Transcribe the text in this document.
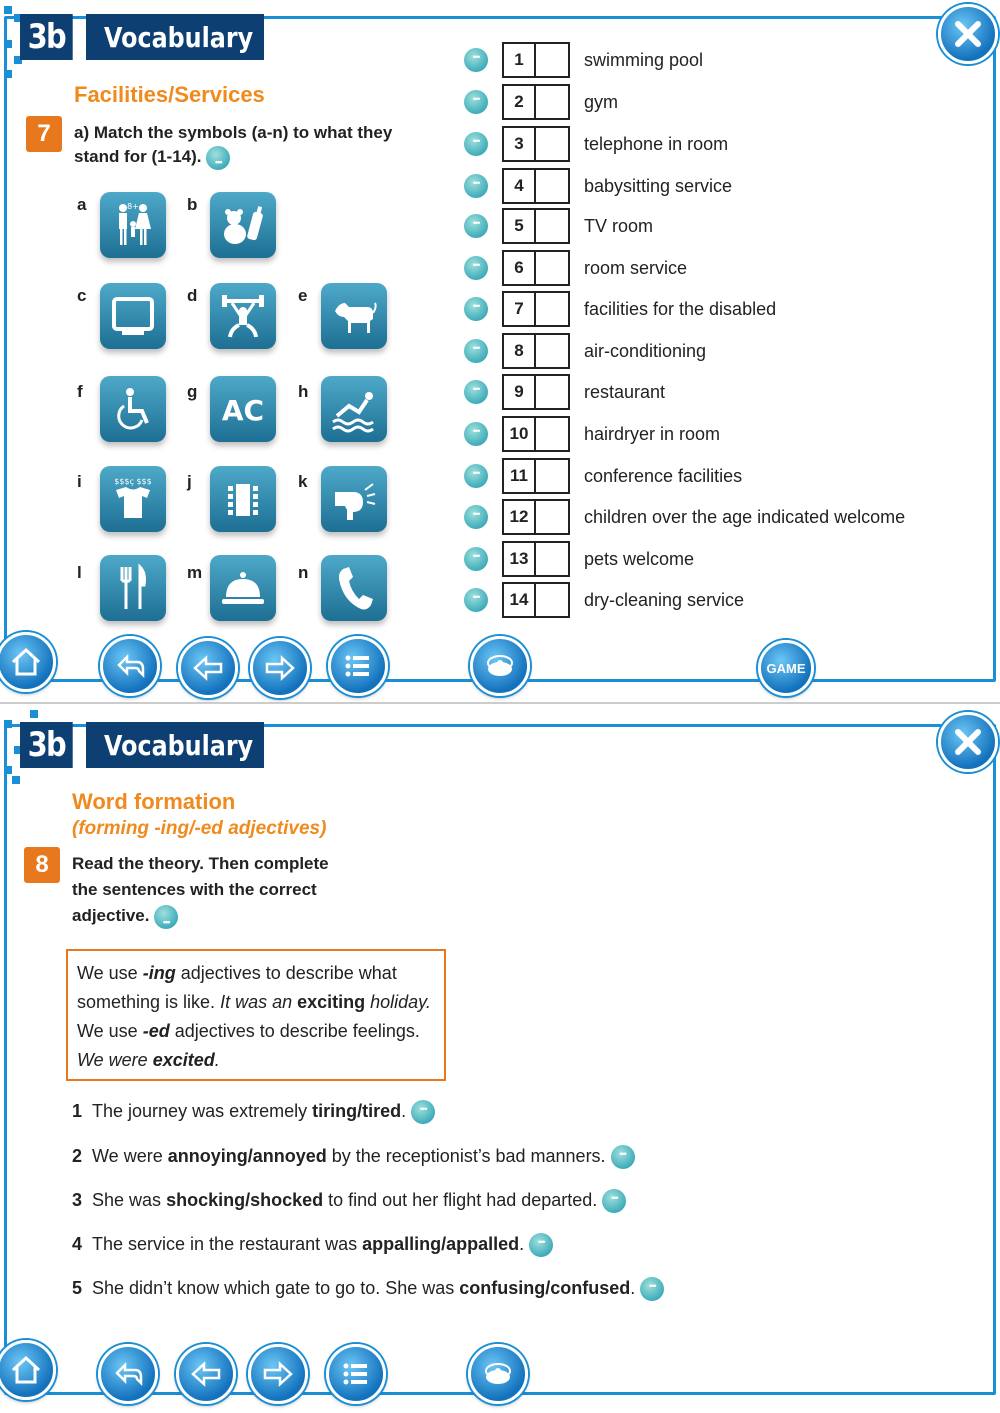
3b Vocabulary
Facilities/Services
7	a) Match the symbols (a-n) to what they
stand for (1-14). •••
a	8+	b
c	d	e
f	g
AC
h
i	$$$ç $$$ j	k
l	m	n
•••
1	swimming pool
•••
2	gym
•••
3	telephone in room
•••
4	babysitting service
•••
5	TV room
•••
6	room service
•••
7	facilities for the disabled
•••
8	air-conditioning
•••
9	restaurant
•••
10	hairdryer in room
•••
11	conference facilities
•••
12	children over the age indicated welcome
•••
13	pets welcome
•••
14	dry-cleaning service
GAME
3b Vocabulary
Word formation
(forming -ing/-ed adjectives)
8	Read the theory. Then complete
the sentences with the correct
adjective. •••
We use -ing adjectives to describe what
something is like. It was an exciting holiday.
We use -ed adjectives to describe feelings.
We were excited.
1 The journey was extremely tiring/tired. •••
2 We were annoying/annoyed by the receptionist’s bad manners. •••
3 She was shocking/shocked to find out her flight had departed. •••
4 The service in the restaurant was appalling/appalled. •••
5 She didn’t know which gate to go to. She was confusing/confused. •••
